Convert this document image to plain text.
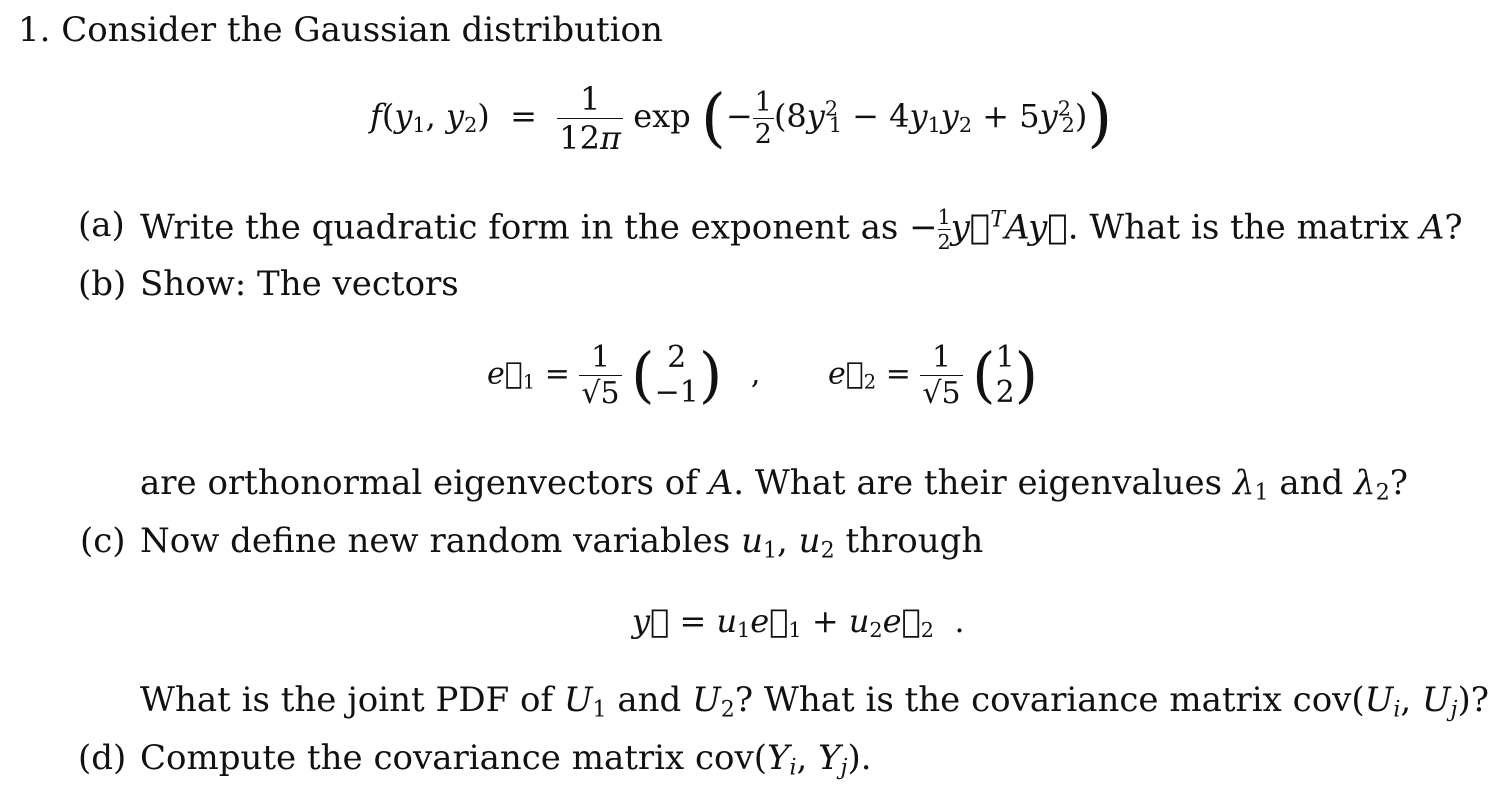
1. Consider the Gaussian distribution
$f(y_1$, $y_2) = \frac{1}{12\pi}$ exp (− $\frac{1}{2} (8y^2_1 - 4y_1y_2 + 5y^2_2)$)
(a) Write the quadratic form in the exponent as − $\frac{1}{2}$ y⃗$^T$Ay⃗. What is the matrix A?
(b) Show: The vectors
$e⃗_1 = \frac{1}{√5}$ ( 2
−1 )   , $e⃗_2 = \frac{1}{√5}$ ( 1
2 )
are orthonormal eigenvectors of A. What are their eigenvalues $\lambda_1$ and $\lambda_2$?
(c) Now define new random variables $u_1$, $u_2$ through
y⃗ = $u_1e⃗_1$ + $u_2e⃗_2$  .
What is the joint PDF of $U_1$ and $U_2$? What is the covariance matrix $cov(U_i$, $U_j$)?
(d) Compute the covariance matrix $cov(Y_i$, $Y_j$).
